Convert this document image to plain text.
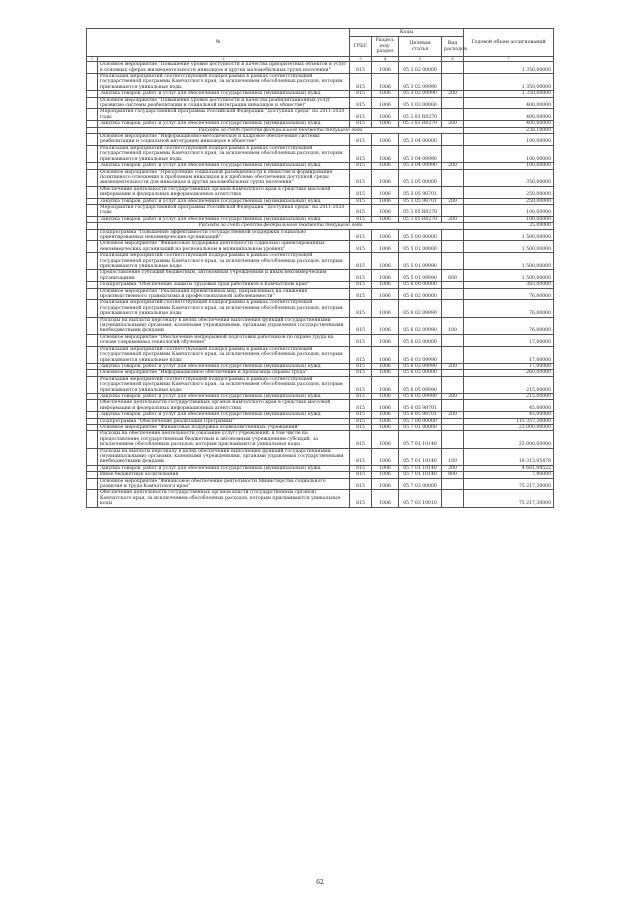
№		Коды				Годовой объем ассигнований
		ГРБС	Раздел, под-раздел	Целевая статья	Вид расходов	
1	2	3	4	5	6	7
	Основное мероприятие "Повышение уровня доступности и качества приоритетных объектов и услуг в основных сферах жизнедеятельности инвалидов и других маломобильных групп населения"	815	1006	05 3 02 00000		1 350,00000
	Реализация мероприятий соответствующей подпрограммы в рамках соответствующей государственной программы Камчатского края, за исключением обособленных расходов, которым присваиваются уникальные коды	815	1006	05 3 02 09990		1 350,00000
	Закупка товаров, работ и услуг для обеспечения государственных (муниципальных) нужд	815	1006	05 3 02 09990	200	1 350,00000
	Основное мероприятие "Повышение уровня доступности и качества реабилитационных услуг (развитие системы реабилитации и социальной интеграции инвалидов и обществе)"	815	1006	05 3 03 00000		400,00000
	Мероприятия государственной программы Российской Федерации "Доступная среда" на 2011-2020 годы	815	1006	05 3 03 R0270		400,00000
	Закупка товаров, работ и услуг для обеспечения государственных (муниципальных) нужд	815	1006	05 3 03 R0270	200	400,00000
	Расходы за счет средств федерального бюджета текущего года					238,10000
	Основное мероприятие "Информационно-методическое и кадровое обеспечение системы реабилитации и социальной интеграции инвалидов в обществе"	815	1006	05 3 04 00000		100,00000
	Реализация мероприятий соответствующей подпрограммы в рамках соответствующей государственной программы Камчатского края, за исключением обособленных расходов, которым присваиваются уникальные коды	815	1006	05 3 04 09990		100,00000
	Закупка товаров, работ и услуг для обеспечения государственных (муниципальных) нужд	815	1006	05 3 04 09990	200	100,00000
	Основное мероприятие "Преодоление социальной разобщенности в обществе и формирование позитивного отношения к проблемам инвалидов и к проблеме обеспечения доступной среды жизнедеятельности для инвалидов и других маломобильных групп населения"	815	1006	05 3 05 00000		350,00000
	Обеспечение деятельности государственных органов Камчатского края в средствах массовой информации и федеральных информационных агентствах	815	1006	05 3 05 98701		250,00000
	Закупка товаров, работ и услуг для обеспечения государственных (муниципальных) нужд	815	1006	05 3 05 98701	200	250,00000
	Мероприятия государственной программы Российской Федерации "Доступная среда" на 2011-2020 годы	815	1006	05 3 05 R0270		100,00000
	Закупка товаров, работ и услуг для обеспечения государственных (муниципальных) нужд	815	1006	05 3 05 R0270	200	100,00000
	Расходы за счет средств федерального бюджета текущего года					35,09000
	Подпрограмма "Повышение эффективности государственной поддержки социально ориентированных некоммерческих организаций"	815	1006	05 5 00 00000		1 500,00000
	Основное мероприятие "Финансовая поддержка деятельности социально ориентированных некоммерческих организаций на региональном и муниципальном уровнях"	815	1006	05 5 01 00000		1 500,00000
	Реализация мероприятий соответствующей подпрограммы в рамках соответствующей государственной программы Камчатского края, за исключением обособленных расходов, которым присваиваются уникальные коды	815	1006	05 5 01 09990		1 500,00000
	Предоставление субсидий бюджетным, автономным учреждениям и иным некоммерческим организациям	815	1006	05 5 01 09990	600	1 500,00000
	Подпрограмма "Обеспечение защиты трудовых прав работников в Камчатском крае"	815	1006	05 6 00 00000		383,00000
	Основное мероприятие "Реализация превентивных мер, направленных на снижение производственного травматизма и профессиональной заболеваемости"	815	1006	05 6 02 00000		76,00000
	Реализация мероприятий соответствующей подпрограммы в рамках соответствующей государственной программы Камчатского края, за исключением обособленных расходов, которым присваиваются уникальные коды	815	1006	05 6 02 09990		76,00000
	Расходы на выплаты персоналу в целях обеспечения выполнения функций государственными (муниципальными) органами, казенными учреждениями, органами управления государственными внебюджетными фондами	815	1006	05 6 02 09990	100	76,00000
	Основное мероприятие "Обеспечение непрерывной подготовки работников по охране труда на основе современных технологий обучения"	815	1006	05 6 03 00000		17,00000
	Реализация мероприятий соответствующей подпрограммы в рамках соответствующей государственной программы Камчатского края, за исключением обособленных расходов, которым присваиваются уникальные коды	815	1006	05 6 03 09990		17,00000
	Закупка товаров, работ и услуг для обеспечения государственных (муниципальных) нужд	815	1006	05 6 03 09990	200	17,00000
	Основное мероприятие "Информационное обеспечение и пропаганда охраны труда"	815	1006	05 6 05 00000		260,00000
	Реализация мероприятий соответствующей подпрограммы в рамках соответствующей государственной программы Камчатского края, за исключением обособленных расходов, которым присваиваются уникальные коды	815	1006	05 6 05 09990		215,00000
	Закупка товаров, работ и услуг для обеспечения государственных (муниципальных) нужд	815	1006	05 6 05 09990	200	215,00000
	Обеспечение деятельности государственных органов Камчатского края в средствах массовой информации и федеральных информационных агентствах	815	1006	05 6 05 98701		45,00000
	Закупка товаров, работ и услуг для обеспечения государственных (муниципальных) нужд	815	1006	05 6 05 98701	200	45,00000
	Подпрограмма "Обеспечение реализации Программы"	815	1006	05 7 00 00000		115 357,30000
	Основное мероприятие "Финансовая поддержка подведомственных учреждений"	815	1006	05 7 01 00000		23 000,00000
	Расходы на обеспечение деятельности (оказание услуг) учреждений, в том числе на предоставление государственным бюджетным и автономным учреждениям субсидий, за исключением обособленных расходов, которым присваиваются уникальные коды	815	1006	05 7 01 10140		23 000,00000
	Расходы на выплаты персоналу в целях обеспечения выполнения функций государственными (муниципальными) органами, казенными учреждениями, органами управления государственными внебюджетными фондами	815	1006	05 7 01 10140	100	18 313,05478
	Закупка товаров, работ и услуг для обеспечения государственных (муниципальных) нужд	815	1006	05 7 01 10140	200	4 681,04522
	Иные бюджетные ассигнования	815	1006	05 7 01 10140	800	7,90000
	Основное мероприятие "Финансовое обеспечение деятельности Министерства социального развития и труда Камчатского края"	815	1006	05 7 03 00000		75 217,30000
	Обеспечение деятельности государственных органов власти (государственных органов) Камчатского края, за исключением обособленных расходов, которым присваиваются уникальные коды	815	1006	05 7 03 10010		75 217,30000
62
